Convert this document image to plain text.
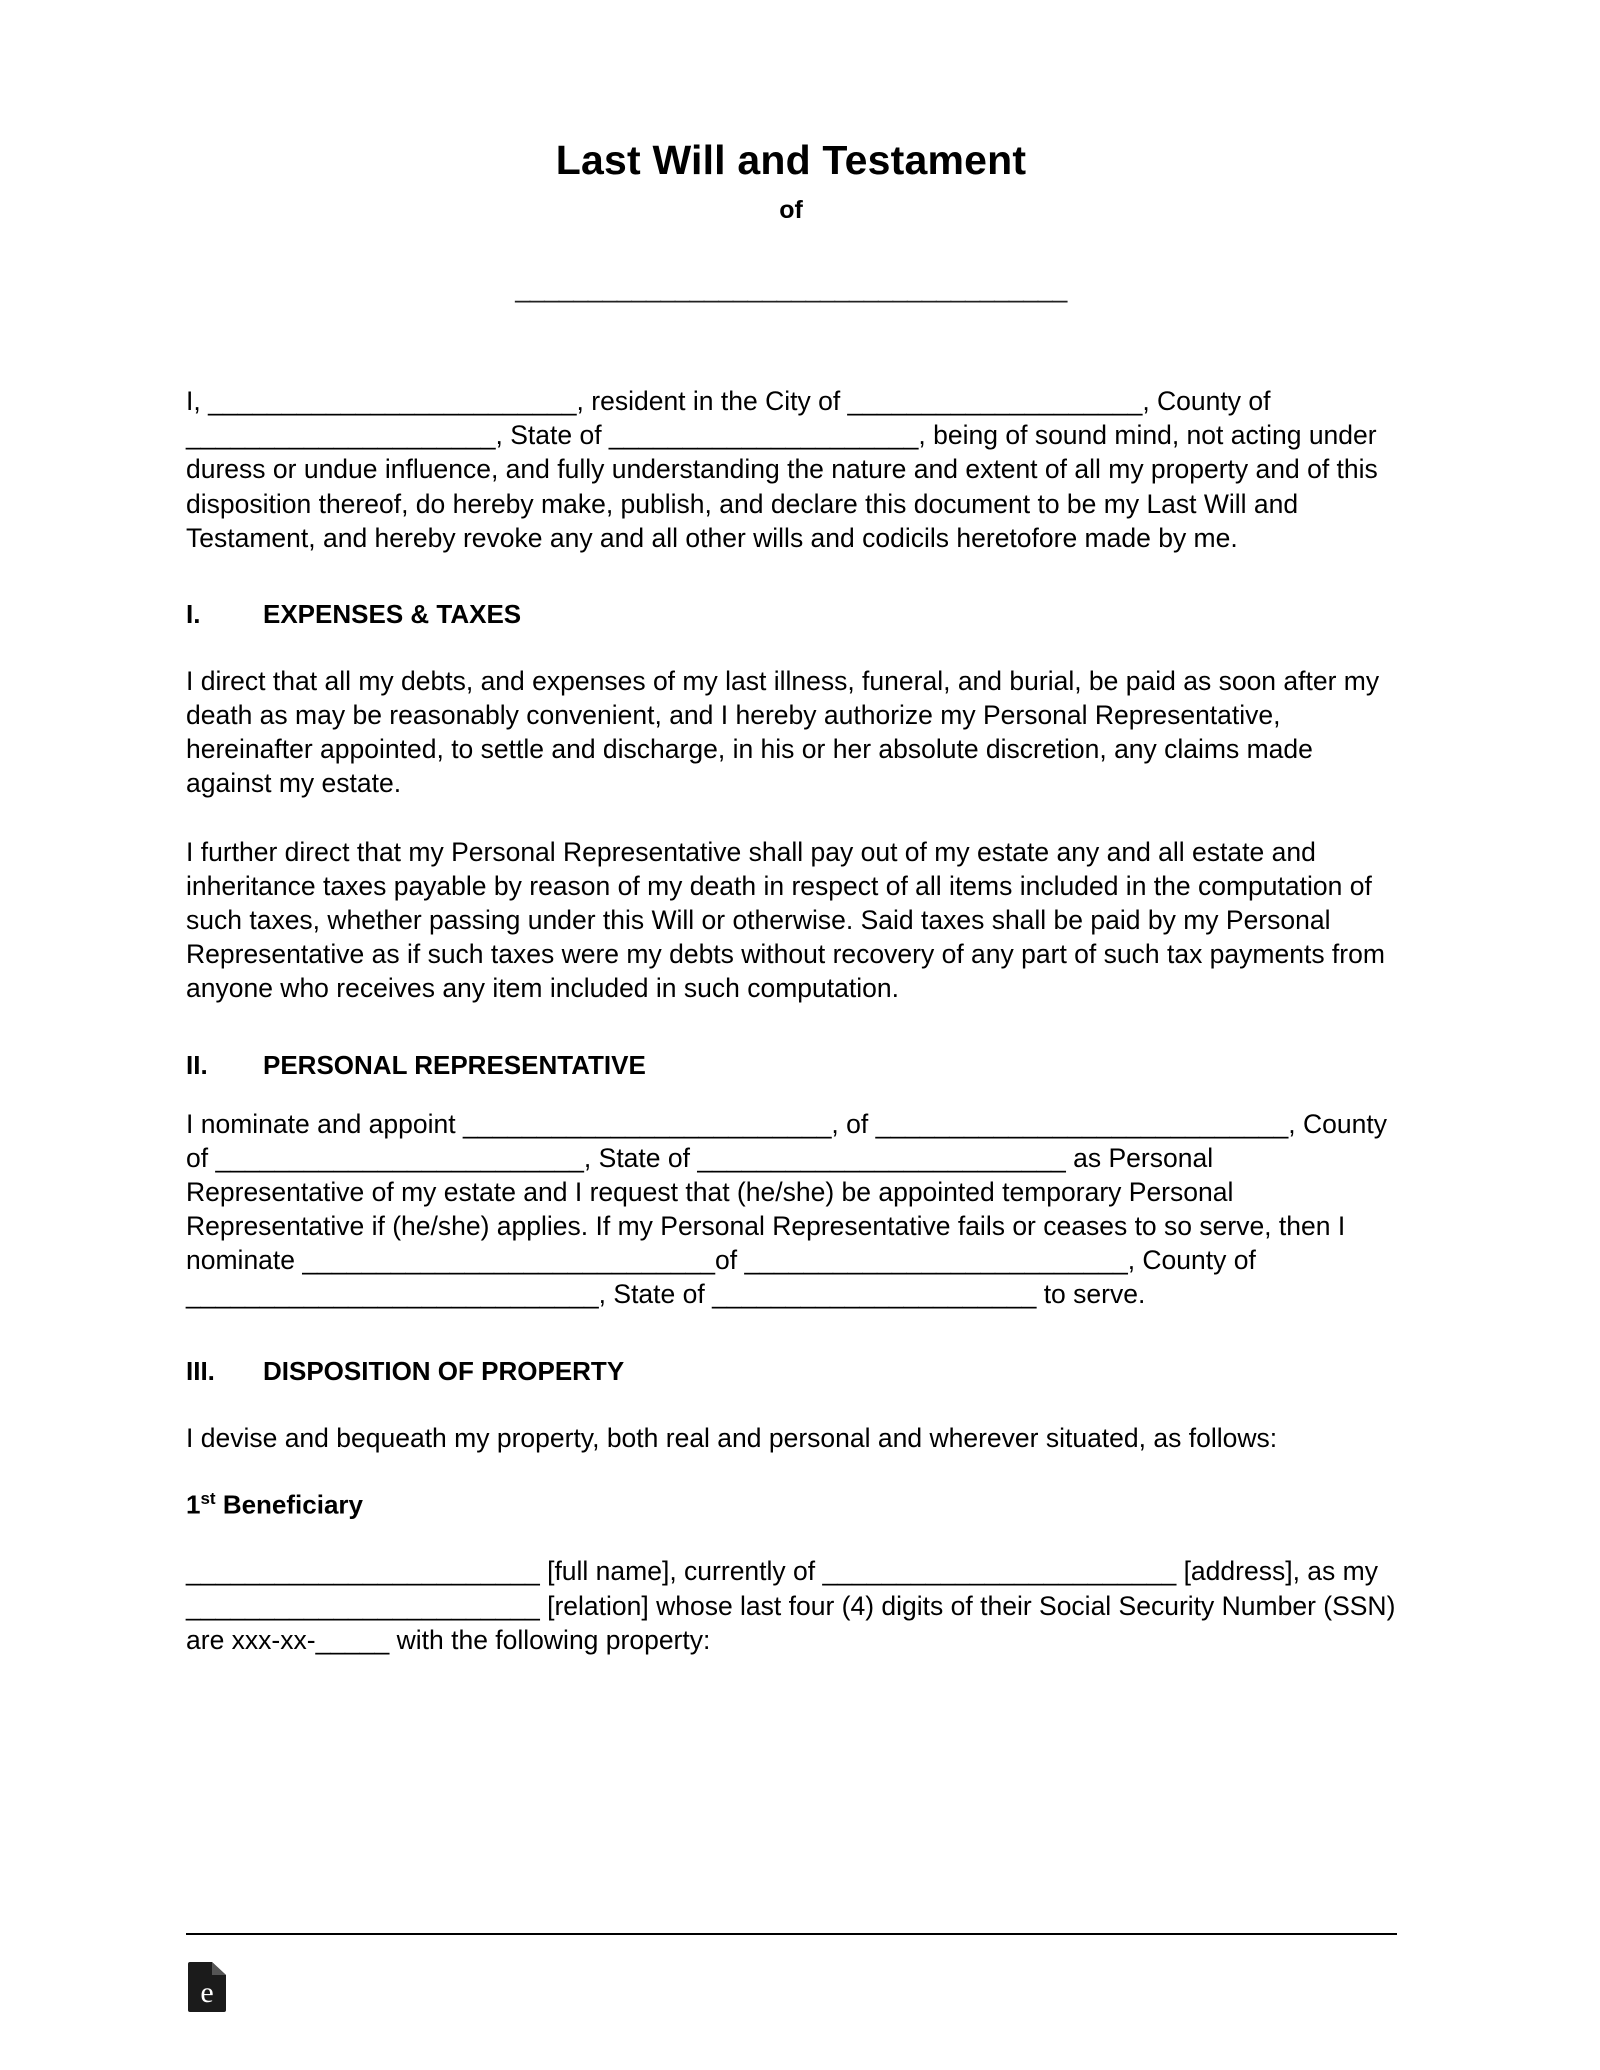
Last Will and Testament
of
______________________________________

I, _________________________, resident in the City of ____________________, County of _____________________, State of _____________________, being of sound mind, not acting under duress or undue influence, and fully understanding the nature and extent of all my property and of this disposition thereof, do hereby make, publish, and declare this document to be my Last Will and Testament, and hereby revoke any and all other wills and codicils heretofore made by me.

I.	EXPENSES & TAXES

I direct that all my debts, and expenses of my last illness, funeral, and burial, be paid as soon after my death as may be reasonably convenient, and I hereby authorize my Personal Representative, hereinafter appointed, to settle and discharge, in his or her absolute discretion, any claims made against my estate.

I further direct that my Personal Representative shall pay out of my estate any and all estate and inheritance taxes payable by reason of my death in respect of all items included in the computation of such taxes, whether passing under this Will or otherwise. Said taxes shall be paid by my Personal Representative as if such taxes were my debts without recovery of any part of such tax payments from anyone who receives any item included in such computation.

II.	PERSONAL REPRESENTATIVE

I nominate and appoint _________________________, of ____________________________, County of _________________________, State of _________________________ as Personal Representative of my estate and I request that (he/she) be appointed temporary Personal Representative if (he/she) applies. If my Personal Representative fails or ceases to so serve, then I nominate ____________________________of __________________________, County of ____________________________, State of ______________________ to serve.

III.	DISPOSITION OF PROPERTY

I devise and bequeath my property, both real and personal and wherever situated, as follows:

1st Beneficiary

________________________ [full name], currently of ________________________ [address], as my ________________________ [relation] whose last four (4) digits of their Social Security Number (SSN) are xxx-xx-_____ with the following property:

e
